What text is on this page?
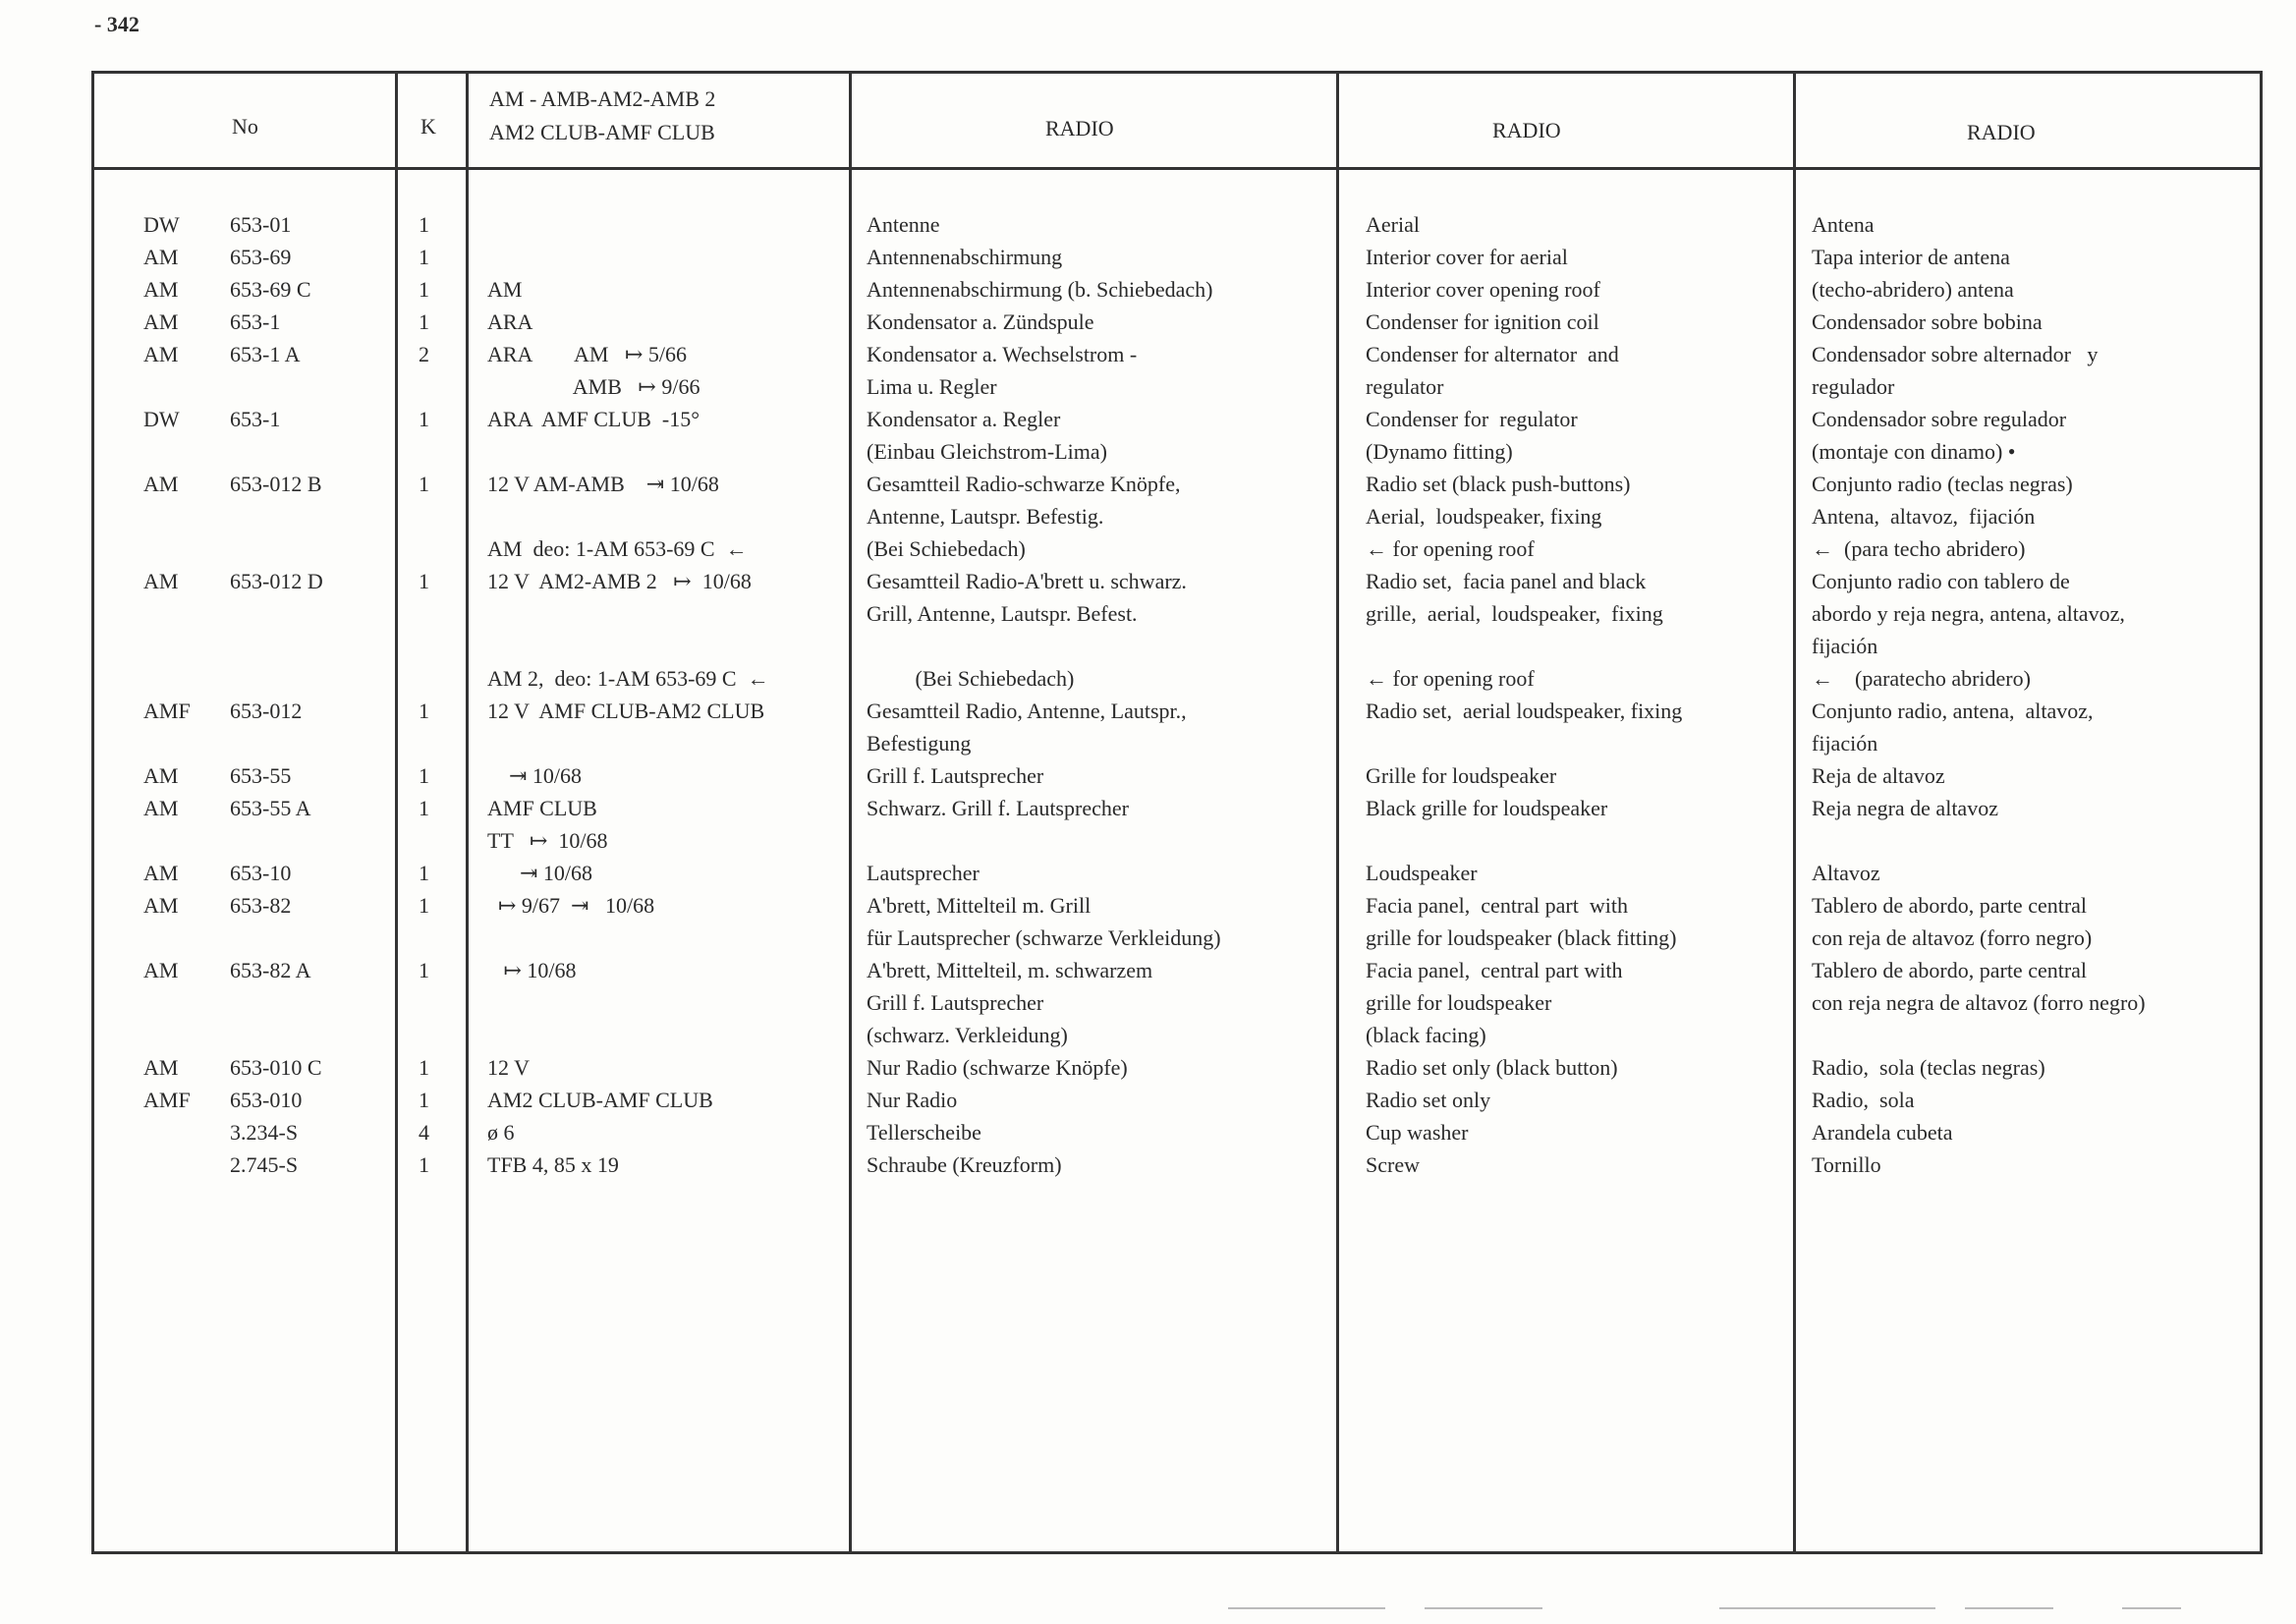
- 342
No	K
AM - AMB-AM2-AMB 2
AM2 CLUB-AMF CLUB	RADIO	RADIO	RADIO
DW
AM
AM
AM
AM
DW
AM
AM
AMF
AM
AM
AM
AM
AM
AM
AMF
653-01
653-69
653-69 C
653-1
653-1 A
653-1
653-012 B
653-012 D
653-012
653-55
653-55 A
653-10
653-82
653-82 A
653-010 C
653-010
3.234-S
2.745-S
1
1
1
1
2
1
1
1
1
1
1
1
1
1
1
1
4
1
AM
ARA
ARA        AM   ↦ 5/66
AMB   ↦ 9/66
ARA  AMF CLUB  -15°
12 V AM-AMB    ⇥ 10/68
AM  deo: 1-AM 653-69 C  ←
12 V  AM2-AMB 2   ↦  10/68
AM 2,  deo: 1-AM 653-69 C  ←
12 V  AMF CLUB-AM2 CLUB
⇥ 10/68
AMF CLUB
TT   ↦  10/68
⇥ 10/68
↦ 9/67  ⇥   10/68
↦ 10/68
12 V
AM2 CLUB-AMF CLUB
ø 6
TFB 4, 85 x 19
Antenne
Antennenabschirmung
Antennenabschirmung (b. Schiebedach)
Kondensator a. Zündspule
Kondensator a. Wechselstrom -
Lima u. Regler
Kondensator a. Regler
(Einbau Gleichstrom-Lima)
Gesamtteil Radio-schwarze Knöpfe,
Antenne, Lautspr. Befestig.
(Bei Schiebedach)
Gesamtteil Radio-A'brett u. schwarz.
Grill, Antenne, Lautspr. Befest.
(Bei Schiebedach)
Gesamtteil Radio, Antenne, Lautspr.,
Befestigung
Grill f. Lautsprecher
Schwarz. Grill f. Lautsprecher
Lautsprecher
A'brett, Mittelteil m. Grill
für Lautsprecher (schwarze Verkleidung)
A'brett, Mittelteil, m. schwarzem
Grill f. Lautsprecher
(schwarz. Verkleidung)
Nur Radio (schwarze Knöpfe)
Nur Radio
Tellerscheibe
Schraube (Kreuzform)
Aerial
Interior cover for aerial
Interior cover opening roof
Condenser for ignition coil
Condenser for alternator  and
regulator
Condenser for  regulator
(Dynamo fitting)
Radio set (black push-buttons)
Aerial,  loudspeaker, fixing
← for opening roof
Radio set,  facia panel and black
grille,  aerial,  loudspeaker,  fixing
← for opening roof
Radio set,  aerial loudspeaker, fixing
Grille for loudspeaker
Black grille for loudspeaker
Loudspeaker
Facia panel,  central part  with
grille for loudspeaker (black fitting)
Facia panel,  central part with
grille for loudspeaker
(black facing)
Radio set only (black button)
Radio set only
Cup washer
Screw
Antena
Tapa interior de antena
(techo-abridero) antena
Condensador sobre bobina
Condensador sobre alternador   y
regulador
Condensador sobre regulador
(montaje con dinamo) •
Conjunto radio (teclas negras)
Antena,  altavoz,  fijación
←  (para techo abridero)
Conjunto radio con tablero de
abordo y reja negra, antena, altavoz,
fijación
←    (paratecho abridero)
Conjunto radio, antena,  altavoz,
fijación
Reja de altavoz
Reja negra de altavoz
Altavoz
Tablero de abordo, parte central
con reja de altavoz (forro negro)
Tablero de abordo, parte central
con reja negra de altavoz (forro negro)
Radio,  sola (teclas negras)
Radio,  sola
Arandela cubeta
Tornillo
